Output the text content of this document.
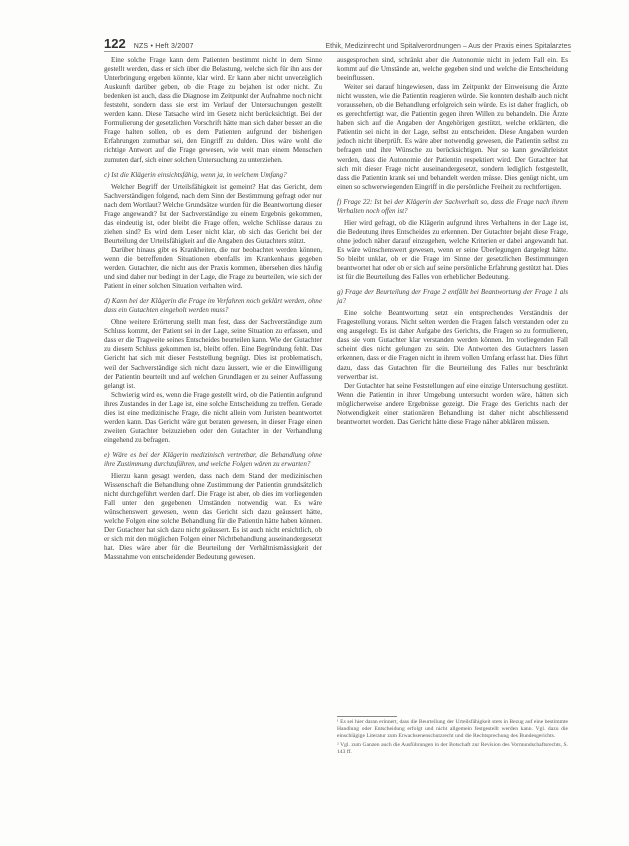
122 NZS • Heft 3/2007	Ethik, Medizinrecht und Spitalverordnungen – Aus der Praxis eines Spitalarztes

Eine solche Frage kann dem Patienten bestimmt nicht in dem Sinne gestellt werden, dass er sich über die Belastung, welche sich für ihn aus der Unterbringung ergeben könnte, klar wird. Er kann aber nicht unverzüglich Auskunft darüber geben, ob die Frage zu bejahen ist oder nicht. Zu bedenken ist auch, dass die Diagnose im Zeitpunkt der Aufnahme noch nicht feststeht, sondern dass sie erst im Verlauf der Untersuchungen gestellt werden kann. Diese Tatsache wird im Gesetz nicht berücksichtigt. Bei der Formulierung der gesetzlichen Vorschrift hätte man sich daher besser an die Frage halten sollen, ob es dem Patienten aufgrund der bisherigen Erfahrungen zumutbar sei, den Eingriff zu dulden. Dies wäre wohl die richtige Antwort auf die Frage gewesen, wie weit man einem Menschen zumuten darf, sich einer solchen Untersuchung zu unterziehen.

c) Ist die Klägerin einsichtsfähig, wenn ja, in welchem Umfang?

Welcher Begriff der Urteilsfähigkeit ist gemeint? Hat das Gericht, dem Sachverständigen folgend, nach dem Sinn der Bestimmung gefragt oder nur nach dem Wortlaut? Welche Grundsätze wurden für die Beantwortung dieser Frage angewandt? Ist der Sachverständige zu einem Ergebnis gekommen, das eindeutig ist, oder bleibt die Frage offen, welche Schlüsse daraus zu ziehen sind? Es wird dem Leser nicht klar, ob sich das Gericht bei der Beurteilung der Urteilsfähigkeit auf die Angaben des Gutachters stützt.

Darüber hinaus gibt es Krankheiten, die nur beobachtet werden können, wenn die betreffenden Situationen ebenfalls im Krankenhaus gegeben werden. Gutachter, die nicht aus der Praxis kommen, übersehen dies häufig und sind daher nur bedingt in der Lage, die Frage zu beurteilen, wie sich der Patient in einer solchen Situation verhalten wird.

d) Kann bei der Klägerin die Frage im Verfahren noch geklärt werden, ohne dass ein Gutachten eingeholt werden muss?

Ohne weitere Erörterung stellt man fest, dass der Sachverständige zum Schluss kommt, der Patient sei in der Lage, seine Situation zu erfassen, und dass er die Tragweite seines Entscheides beurteilen kann. Wie der Gutachter zu diesem Schluss gekommen ist, bleibt offen. Eine Begründung fehlt. Das Gericht hat sich mit dieser Feststellung begnügt. Dies ist problematisch, weil der Sachverständige sich nicht dazu äussert, wie er die Einwilligung der Patientin beurteilt und auf welchen Grundlagen er zu seiner Auffassung gelangt ist.

Schwierig wird es, wenn die Frage gestellt wird, ob die Patientin aufgrund ihres Zustandes in der Lage ist, eine solche Entscheidung zu treffen. Gerade dies ist eine medizinische Frage, die nicht allein vom Juristen beantwortet werden kann. Das Gericht wäre gut beraten gewesen, in dieser Frage einen zweiten Gutachter beizuziehen oder den Gutachter in der Verhandlung eingehend zu befragen.

e) Wäre es bei der Klägerin medizinisch vertretbar, die Behandlung ohne ihre Zustimmung durchzuführen, und welche Folgen wären zu erwarten?

Hierzu kann gesagt werden, dass nach dem Stand der medizinischen Wissenschaft die Behandlung ohne Zustimmung der Patientin grundsätzlich nicht durchgeführt werden darf. Die Frage ist aber, ob dies im vorliegenden Fall unter den gegebenen Umständen notwendig war. Es wäre wünschenswert gewesen, wenn das Gericht sich dazu geäussert hätte, welche Folgen eine solche Behandlung für die Patientin hätte haben können. Der Gutachter hat sich dazu nicht geäussert. Es ist auch nicht ersichtlich, ob er sich mit den möglichen Folgen einer Nichtbehandlung auseinandergesetzt hat. Dies wäre aber für die Beurteilung der Verhältnismässigkeit der Massnahme von entscheidender Bedeutung gewesen.

ausgesprochen sind, schränkt aber die Autonomie nicht in jedem Fall ein. Es kommt auf die Umstände an, welche gegeben sind und welche die Entscheidung beeinflussen.

Weiter sei darauf hingewiesen, dass im Zeitpunkt der Einweisung die Ärzte nicht wussten, wie die Patientin reagieren würde. Sie konnten deshalb auch nicht voraussehen, ob die Behandlung erfolgreich sein würde. Es ist daher fraglich, ob es gerechtfertigt war, die Patientin gegen ihren Willen zu behandeln. Die Ärzte haben sich auf die Angaben der Angehörigen gestützt, welche erklärten, die Patientin sei nicht in der Lage, selbst zu entscheiden. Diese Angaben wurden jedoch nicht überprüft. Es wäre aber notwendig gewesen, die Patientin selbst zu befragen und ihre Wünsche zu berücksichtigen. Nur so kann gewährleistet werden, dass die Autonomie der Patientin respektiert wird. Der Gutachter hat sich mit dieser Frage nicht auseinandergesetzt, sondern lediglich festgestellt, dass die Patientin krank sei und behandelt werden müsse. Dies genügt nicht, um einen so schwerwiegenden Eingriff in die persönliche Freiheit zu rechtfertigen.

f) Frage 22: Ist bei der Klägerin der Sachverhalt so, dass die Frage nach ihrem Verhalten noch offen ist?

Hier wird gefragt, ob die Klägerin aufgrund ihres Verhaltens in der Lage ist, die Bedeutung ihres Entscheides zu erkennen. Der Gutachter bejaht diese Frage, ohne jedoch näher darauf einzugehen, welche Kriterien er dabei angewandt hat. Es wäre wünschenswert gewesen, wenn er seine Überlegungen dargelegt hätte. So bleibt unklar, ob er die Frage im Sinne der gesetzlichen Bestimmungen beantwortet hat oder ob er sich auf seine persönliche Erfahrung gestützt hat. Dies ist für die Beurteilung des Falles von erheblicher Bedeutung.

g) Frage der Beurteilung der Frage 2 entfällt bei Beantwortung der Frage 1 als ja?

Eine solche Beantwortung setzt ein entsprechendes Verständnis der Fragestellung voraus. Nicht selten werden die Fragen falsch verstanden oder zu eng ausgelegt. Es ist daher Aufgabe des Gerichts, die Fragen so zu formulieren, dass sie vom Gutachter klar verstanden werden können. Im vorliegenden Fall scheint dies nicht gelungen zu sein. Die Antworten des Gutachters lassen erkennen, dass er die Fragen nicht in ihrem vollen Umfang erfasst hat. Dies führt dazu, dass das Gutachten für die Beurteilung des Falles nur beschränkt verwertbar ist.

Der Gutachter hat seine Feststellungen auf eine einzige Untersuchung gestützt. Wenn die Patientin in ihrer Umgebung untersucht worden wäre, hätten sich möglicherweise andere Ergebnisse gezeigt. Die Frage des Gerichts nach der Notwendigkeit einer stationären Behandlung ist daher nicht abschliessend beantwortet worden. Das Gericht hätte diese Frage näher abklären müssen.

¹ Es sei hier daran erinnert, dass die Beurteilung der Urteilsfähigkeit stets in Bezug auf eine bestimmte Handlung oder Entscheidung erfolgt und nicht allgemein festgestellt werden kann. Vgl. dazu die einschlägige Literatur zum Erwachsenenschutzrecht und die Rechtsprechung des Bundesgerichts.

² Vgl. zum Ganzen auch die Ausführungen in der Botschaft zur Revision des Vormundschaftsrechts, S. 143 ff.
